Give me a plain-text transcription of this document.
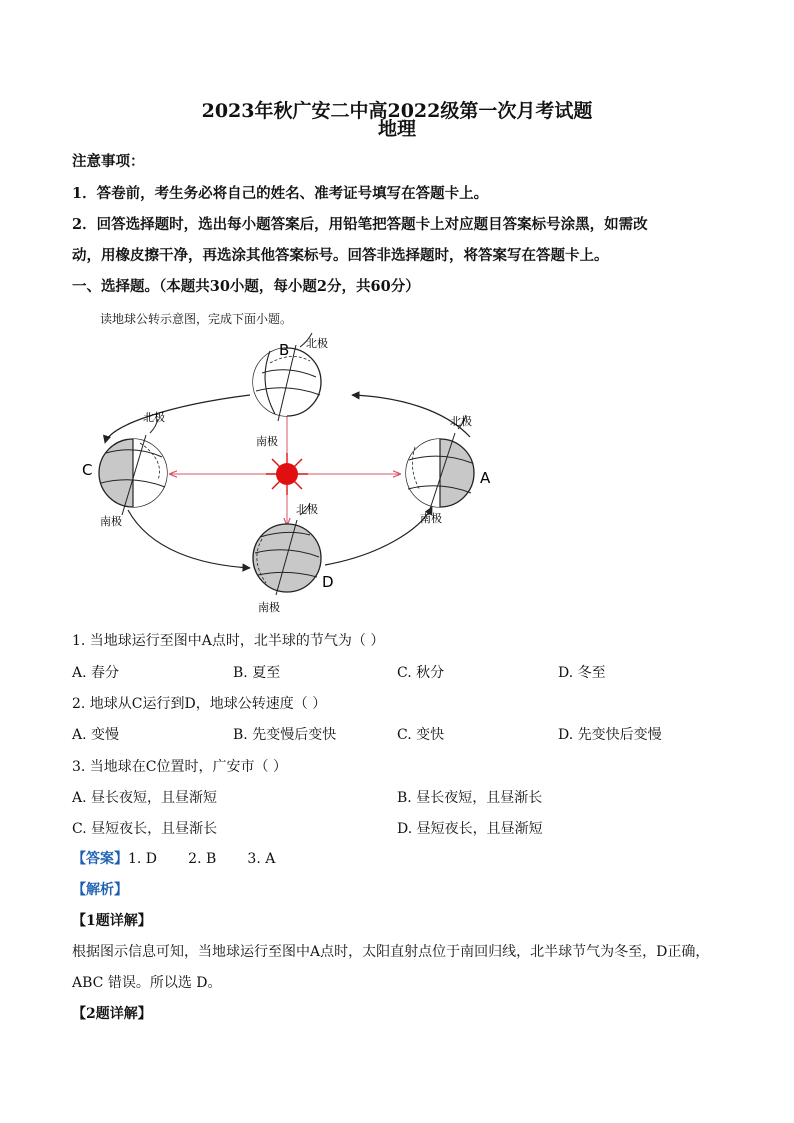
2023年秋广安二中高2022级第一次月考试题
地理
注意事项：
1．答卷前，考生务必将自己的姓名、准考证号填写在答题卡上。
2．回答选择题时，选出每小题答案后，用铅笔把答题卡上对应题目答案标号涂黑，如需改
动，用橡皮擦干净，再选涂其他答案标号。回答非选择题时，将答案写在答题卡上。
一、选择题。（本题共30小题，每小题2分，共60分）
读地球公转示意图，完成下面小题。
B
C	A
D
北极
南极
北极
南极
北极
南极
北极
南极
1. 当地球运行至图中A点时，北半球的节气为（ ）
A. 春分	B. 夏至	C. 秋分	D. 冬至
2. 地球从C运行到D，地球公转速度（ ）
A. 变慢	B. 先变慢后变快	C. 变快	D. 先变快后变慢
3. 当地球在C位置时，广安市（ ）
A. 昼长夜短，且昼渐短	B. 昼长夜短，且昼渐长
C. 昼短夜长，且昼渐长	D. 昼短夜长，且昼渐短
【答案】1. D       2. B       3. A
【解析】
【1题详解】
根据图示信息可知，当地球运行至图中A点时，太阳直射点位于南回归线，北半球节气为冬至，D正确，
ABC 错误。所以选 D。
【2题详解】
